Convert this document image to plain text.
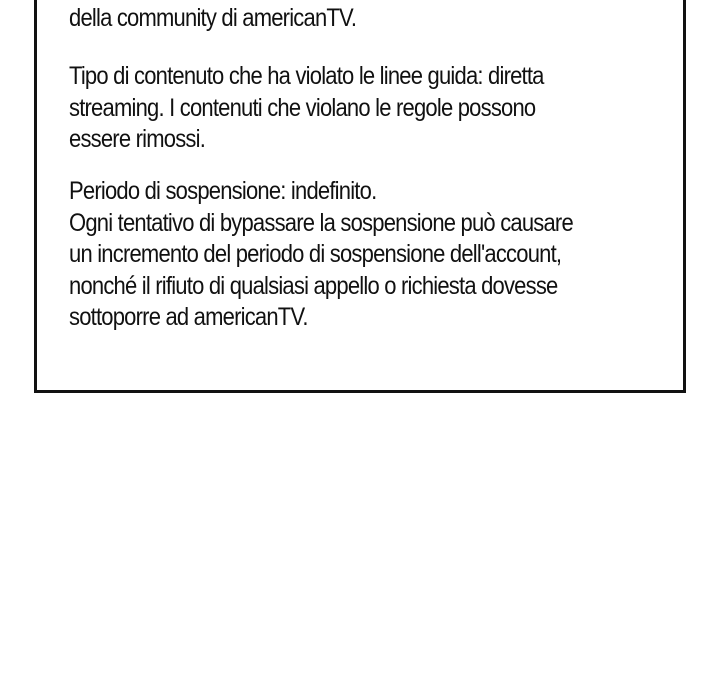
della community di americanTV.

Tipo di contenuto che ha violato le linee guida: diretta
streaming. I contenuti che violano le regole possono
essere rimossi.

Periodo di sospensione: indefinito.
Ogni tentativo di bypassare la sospensione può causare
un incremento del periodo di sospensione dell'account,
nonché il rifiuto di qualsiasi appello o richiesta dovesse
sottoporre ad americanTV.
